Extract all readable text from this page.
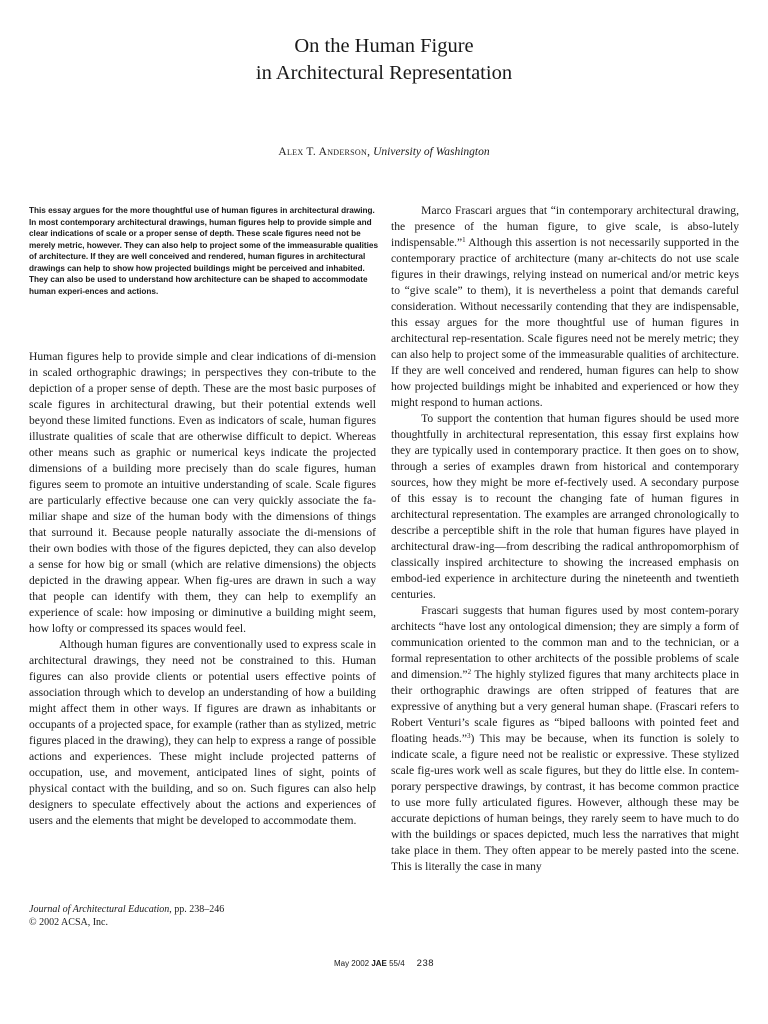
On the Human Figure
in Architectural Representation
Alex T. Anderson, University of Washington
This essay argues for the more thoughtful use of human figures in architectural drawing. In most contemporary architectural drawings, human figures help to provide simple and clear indications of scale or a proper sense of depth. These scale figures need not be merely metric, however. They can also help to project some of the immeasurable qualities of architecture. If they are well conceived and rendered, human figures in architectural drawings can help to show how projected buildings might be perceived and inhabited. They can also be used to understand how architecture can be shaped to accommodate human experi-ences and actions.

Human figures help to provide simple and clear indications of di-mension in scaled orthographic drawings; in perspectives they con-tribute to the depiction of a proper sense of depth. These are the most basic purposes of scale figures in architectural drawing, but their potential extends well beyond these limited functions. Even as indicators of scale, human figures illustrate qualities of scale that are otherwise difficult to depict. Whereas other means such as graphic or numerical keys indicate the projected dimensions of a building more precisely than do scale figures, human figures seem to promote an intuitive understanding of scale. Scale figures are particularly effective because one can very quickly associate the fa-miliar shape and size of the human body with the dimensions of things that surround it. Because people naturally associate the di-mensions of their own bodies with those of the figures depicted, they can also develop a sense for how big or small (which are relative dimensions) the objects depicted in the drawing appear. When fig-ures are drawn in such a way that people can identify with them, they can help to exemplify an experience of scale: how imposing or diminutive a building might seem, how lofty or compressed its spaces would feel.

Although human figures are conventionally used to express scale in architectural drawings, they need not be constrained to this. Human figures can also provide clients or potential users effective points of association through which to develop an understanding of how a building might affect them in other ways. If figures are drawn as inhabitants or occupants of a projected space, for example (rather than as stylized, metric figures placed in the drawing), they can help to express a range of possible actions and experiences. These might include projected patterns of occupation, use, and movement, anticipated lines of sight, points of physical contact with the building, and so on. Such figures can also help designers to speculate effectively about the actions and experiences of users and the elements that might be developed to accommodate them.

Marco Frascari argues that “in contemporary architectural drawing, the presence of the human figure, to give scale, is abso-lutely indispensable.”$^1$ Although this assertion is not necessarily supported in the contemporary practice of architecture (many ar-chitects do not use scale figures in their drawings, relying instead on numerical and/or metric keys to “give scale” to them), it is nevertheless a point that demands careful consideration. Without necessarily contending that they are indispensable, this essay argues for the more thoughtful use of human figures in architectural rep-resentation. Scale figures need not be merely metric; they can also help to project some of the immeasurable qualities of architecture. If they are well conceived and rendered, human figures can help to show how projected buildings might be inhabited and experienced or how they might respond to human actions.

To support the contention that human figures should be used more thoughtfully in architectural representation, this essay first explains how they are typically used in contemporary practice. It then goes on to show, through a series of examples drawn from historical and contemporary sources, how they might be more ef-fectively used. A secondary purpose of this essay is to recount the changing fate of human figures in architectural representation. The examples are arranged chronologically to describe a perceptible shift in the role that human figures have played in architectural draw-ing—from describing the radical anthropomorphism of classically inspired architecture to showing the increased emphasis on embod-ied experience in architecture during the nineteenth and twentieth centuries.

Frascari suggests that human figures used by most contem-porary architects “have lost any ontological dimension; they are simply a form of communication oriented to the common man and to the technician, or a formal representation to other architects of the possible problems of scale and dimension.”$^2$ The highly stylized figures that many architects place in their orthographic drawings are often stripped of features that are expressive of anything but a very general human shape. (Frascari refers to Robert Venturi’s scale figures as “biped balloons with pointed feet and floating heads.”$^3$) This may be because, when its function is solely to indicate scale, a figure need not be realistic or expressive. These stylized scale fig-ures work well as scale figures, but they do little else. In contem-porary perspective drawings, by contrast, it has become common practice to use more fully articulated figures. However, although these may be accurate depictions of human beings, they rarely seem to have much to do with the buildings or spaces depicted, much less the narratives that might take place in them. They often appear to be merely pasted into the scene. This is literally the case in many

Journal of Architectural Education, pp. 238–246
© 2002 ACSA, Inc.
May 2002 JAE 55/4 238
